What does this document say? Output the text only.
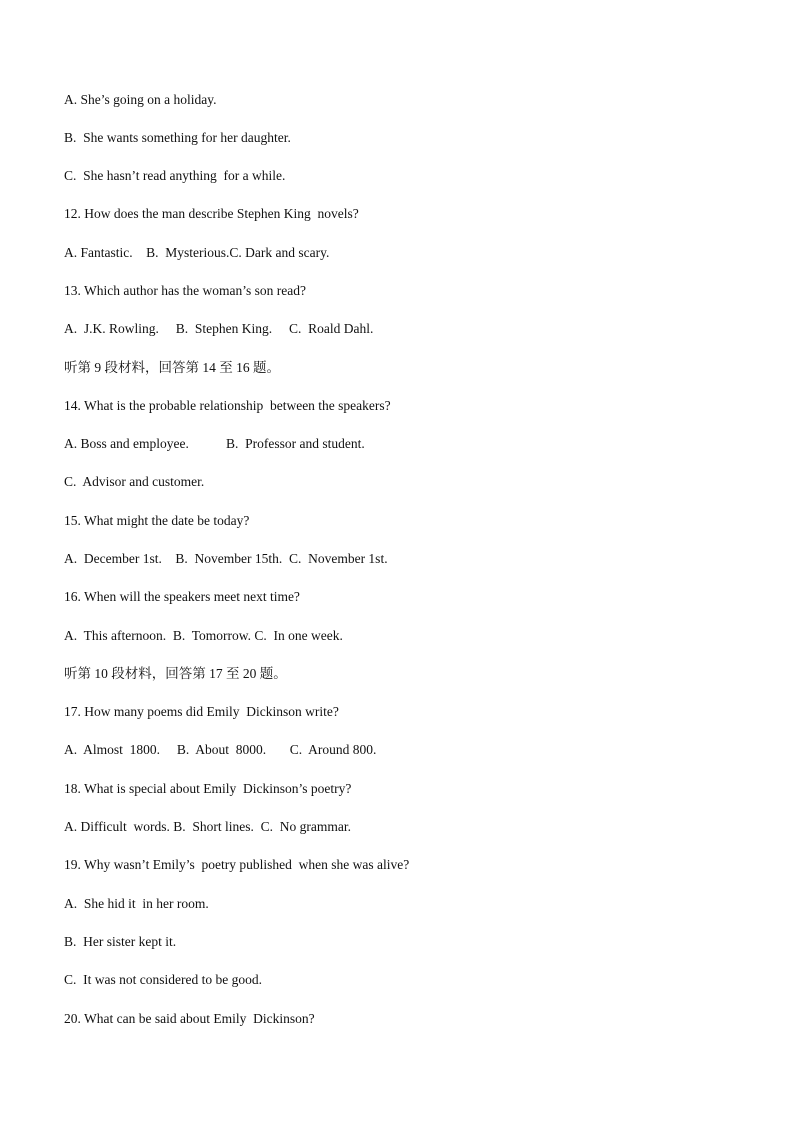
A. She’s going on a holiday.

B.  She wants something for her daughter.

C.  She hasn’t read anything  for a while.

12. How does the man describe Stephen King  novels?

A. Fantastic.    B.  Mysterious.C. Dark and scary.

13. Which author has the woman’s son read?

A.  J.K. Rowling.     B.  Stephen King.     C.  Roald Dahl.

听第 9 段材料，回答第 14 至 16 题。

14. What is the probable relationship  between the speakers?

A. Boss and employee.           B.  Professor and student.

C.  Advisor and customer.

15. What might the date be today?

A.  December 1st.    B.  November 15th.  C.  November 1st.

16. When will the speakers meet next time?

A.  This afternoon.  B.  Tomorrow. C.  In one week.

听第 10 段材料，回答第 17 至 20 题。

17. How many poems did Emily  Dickinson write?

A.  Almost  1800.     B.  About  8000.       C.  Around 800.

18. What is special about Emily  Dickinson’s poetry?

A. Difficult  words. B.  Short lines.  C.  No grammar.

19. Why wasn’t Emily’s  poetry published  when she was alive?

A.  She hid it  in her room.

B.  Her sister kept it.

C.  It was not considered to be good.

20. What can be said about Emily  Dickinson?
